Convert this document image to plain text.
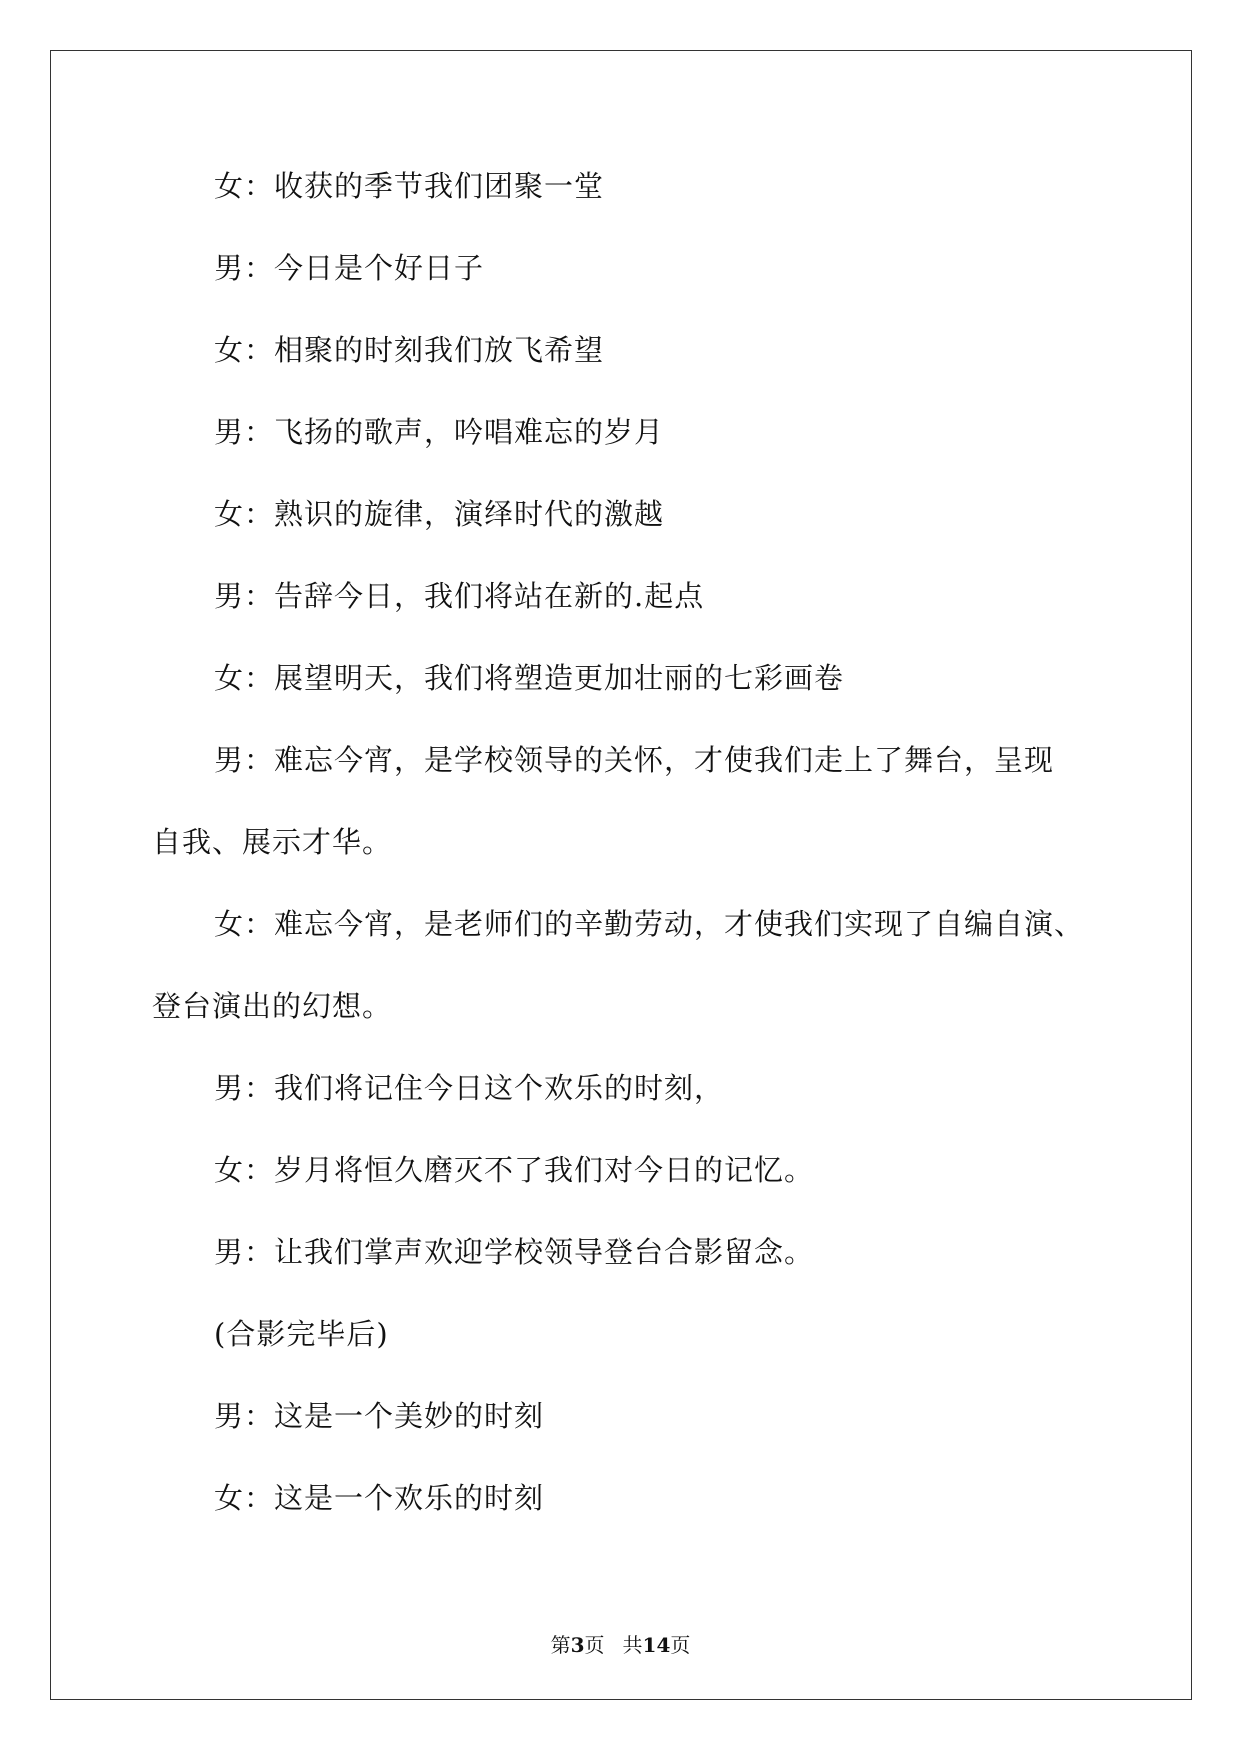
女：收获的季节我们团聚一堂
男：今日是个好日子
女：相聚的时刻我们放飞希望
男：飞扬的歌声，吟唱难忘的岁月
女：熟识的旋律，演绎时代的激越
男：告辞今日，我们将站在新的.起点
女：展望明天，我们将塑造更加壮丽的七彩画卷
男：难忘今宵，是学校领导的关怀，才使我们走上了舞台，呈现
自我、展示才华。
女：难忘今宵，是老师们的辛勤劳动，才使我们实现了自编自演、
登台演出的幻想。
男：我们将记住今日这个欢乐的时刻，
女：岁月将恒久磨灭不了我们对今日的记忆。
男：让我们掌声欢迎学校领导登台合影留念。
(合影完毕后)
男：这是一个美妙的时刻
女：这是一个欢乐的时刻
第3页 共14页
